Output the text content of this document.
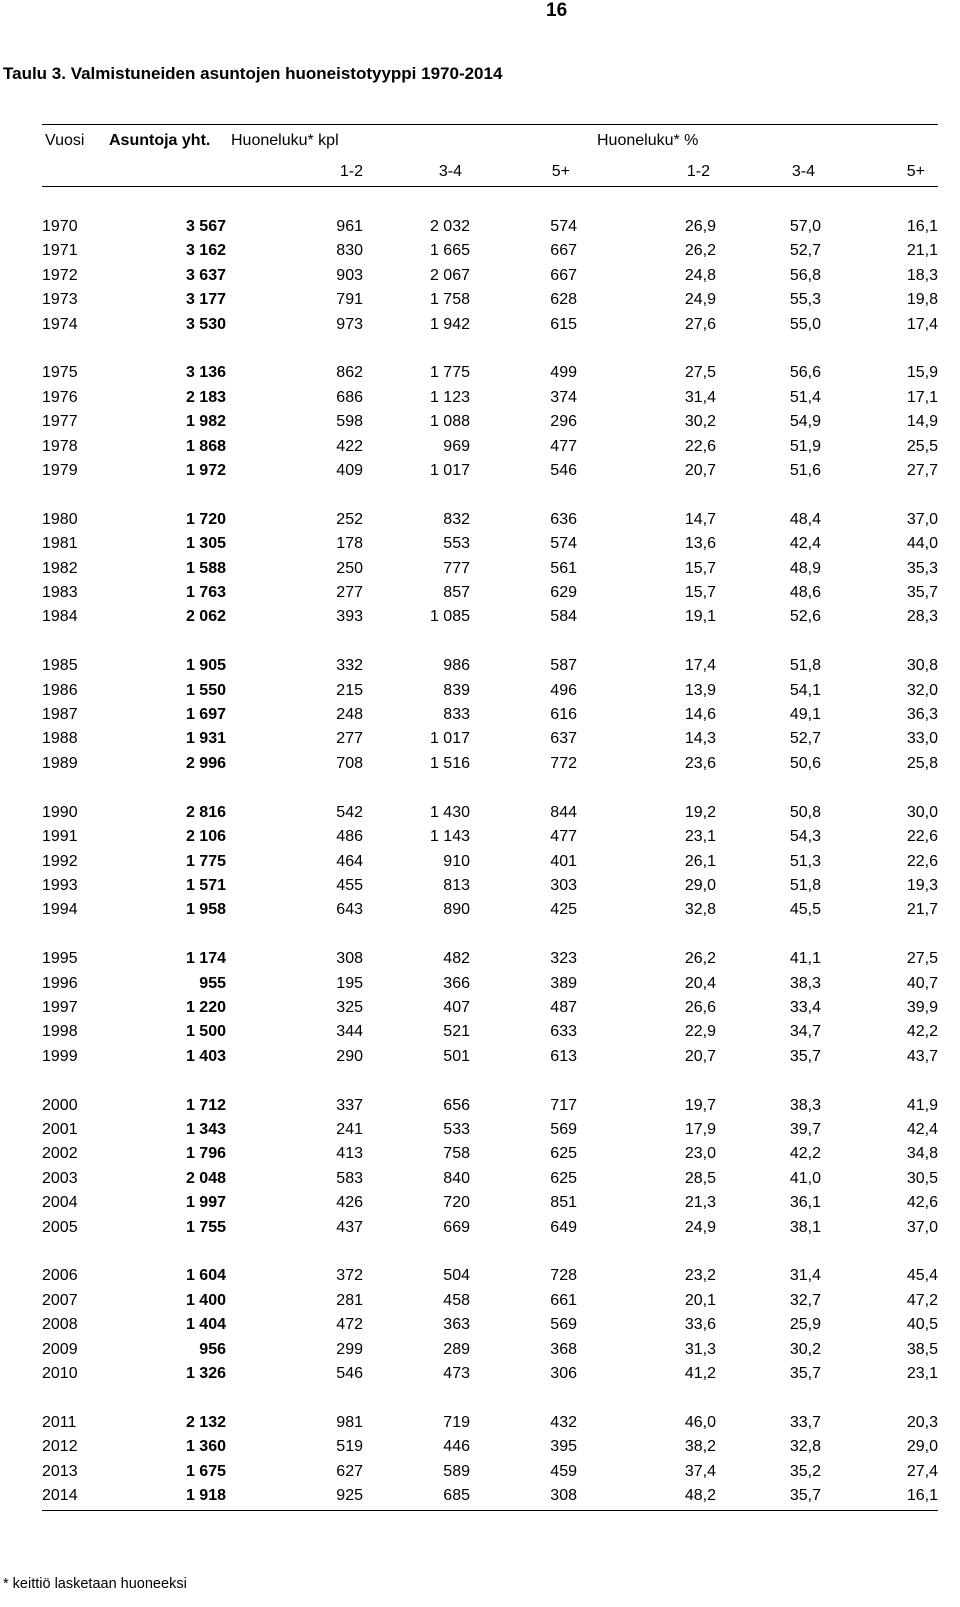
16
Taulu 3. Valmistuneiden asuntojen huoneistotyyppi 1970-2014
Vuosi Asuntoja yht. Huoneluku* kpl	Huoneluku* %
1-2	3-4	5+	1-2	3-4	5+
1970	3 567	961	2 032	574	26,9	57,0	16,1
1971	3 162	830	1 665	667	26,2	52,7	21,1
1972	3 637	903	2 067	667	24,8	56,8	18,3
1973	3 177	791	1 758	628	24,9	55,3	19,8
1974	3 530	973	1 942	615	27,6	55,0	17,4

1975	3 136	862	1 775	499	27,5	56,6	15,9
1976	2 183	686	1 123	374	31,4	51,4	17,1
1977	1 982	598	1 088	296	30,2	54,9	14,9
1978	1 868	422	969	477	22,6	51,9	25,5
1979	1 972	409	1 017	546	20,7	51,6	27,7

1980	1 720	252	832	636	14,7	48,4	37,0
1981	1 305	178	553	574	13,6	42,4	44,0
1982	1 588	250	777	561	15,7	48,9	35,3
1983	1 763	277	857	629	15,7	48,6	35,7
1984	2 062	393	1 085	584	19,1	52,6	28,3

1985	1 905	332	986	587	17,4	51,8	30,8
1986	1 550	215	839	496	13,9	54,1	32,0
1987	1 697	248	833	616	14,6	49,1	36,3
1988	1 931	277	1 017	637	14,3	52,7	33,0
1989	2 996	708	1 516	772	23,6	50,6	25,8

1990	2 816	542	1 430	844	19,2	50,8	30,0
1991	2 106	486	1 143	477	23,1	54,3	22,6
1992	1 775	464	910	401	26,1	51,3	22,6
1993	1 571	455	813	303	29,0	51,8	19,3
1994	1 958	643	890	425	32,8	45,5	21,7

1995	1 174	308	482	323	26,2	41,1	27,5
1996	955	195	366	389	20,4	38,3	40,7
1997	1 220	325	407	487	26,6	33,4	39,9
1998	1 500	344	521	633	22,9	34,7	42,2
1999	1 403	290	501	613	20,7	35,7	43,7

2000	1 712	337	656	717	19,7	38,3	41,9
2001	1 343	241	533	569	17,9	39,7	42,4
2002	1 796	413	758	625	23,0	42,2	34,8
2003	2 048	583	840	625	28,5	41,0	30,5
2004	1 997	426	720	851	21,3	36,1	42,6
2005	1 755	437	669	649	24,9	38,1	37,0

2006	1 604	372	504	728	23,2	31,4	45,4
2007	1 400	281	458	661	20,1	32,7	47,2
2008	1 404	472	363	569	33,6	25,9	40,5
2009	956	299	289	368	31,3	30,2	38,5
2010	1 326	546	473	306	41,2	35,7	23,1

2011	2 132	981	719	432	46,0	33,7	20,3
2012	1 360	519	446	395	38,2	32,8	29,0
2013	1 675	627	589	459	37,4	35,2	27,4
2014	1 918	925	685	308	48,2	35,7	16,1
* keittiö lasketaan huoneeksi
